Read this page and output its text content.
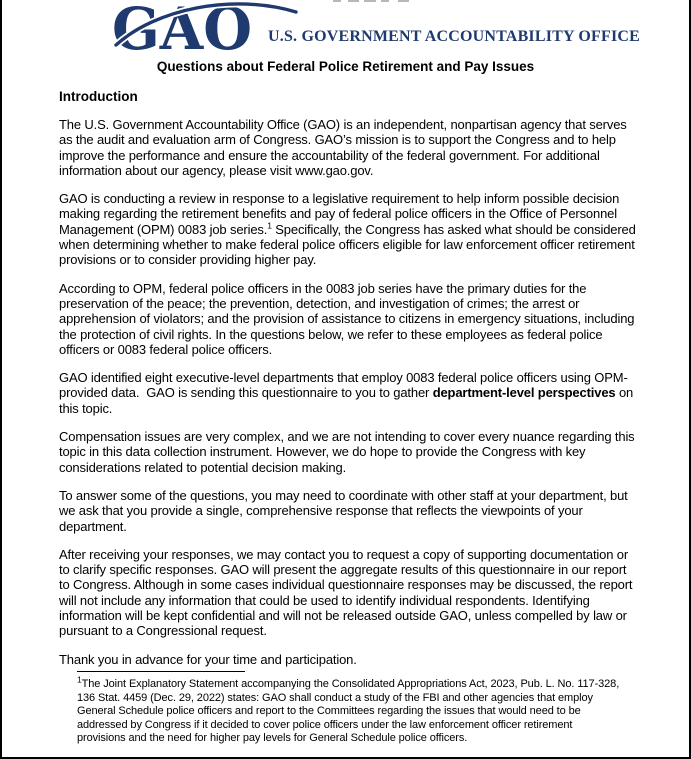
GAO U.S. GOVERNMENT ACCOUNTABILITY OFFICE
Questions about Federal Police Retirement and Pay Issues
Introduction

The U.S. Government Accountability Office (GAO) is an independent, nonpartisan agency that serves as the audit and evaluation arm of Congress. GAO’s mission is to support the Congress and to help improve the performance and ensure the accountability of the federal government. For additional information about our agency, please visit www.gao.gov.

GAO is conducting a review in response to a legislative requirement to help inform possible decision making regarding the retirement benefits and pay of federal police officers in the Office of Personnel Management (OPM) 0083 job series.$^1$ Specifically, the Congress has asked what should be considered when determining whether to make federal police officers eligible for law enforcement officer retirement provisions or to consider providing higher pay.

According to OPM, federal police officers in the 0083 job series have the primary duties for the preservation of the peace; the prevention, detection, and investigation of crimes; the arrest or apprehension of violators; and the provision of assistance to citizens in emergency situations, including the protection of civil rights. In the questions below, we refer to these employees as federal police officers or 0083 federal police officers.

GAO identified eight executive-level departments that employ 0083 federal police officers using OPM-provided data.  GAO is sending this questionnaire to you to gather department-level perspectives on this topic.

Compensation issues are very complex, and we are not intending to cover every nuance regarding this topic in this data collection instrument. However, we do hope to provide the Congress with key considerations related to potential decision making.

To answer some of the questions, you may need to coordinate with other staff at your department, but we ask that you provide a single, comprehensive response that reflects the viewpoints of your department.

After receiving your responses, we may contact you to request a copy of supporting documentation or to clarify specific responses. GAO will present the aggregate results of this questionnaire in our report to Congress. Although in some cases individual questionnaire responses may be discussed, the report will not include any information that could be used to identify individual respondents. Identifying information will be kept confidential and will not be released outside GAO, unless compelled by law or pursuant to a Congressional request.

Thank you in advance for your time and participation.

$^1$The Joint Explanatory Statement accompanying the Consolidated Appropriations Act, 2023, Pub. L. No. 117-328, 136 Stat. 4459 (Dec. 29, 2022) states: GAO shall conduct a study of the FBI and other agencies that employ General Schedule police officers and report to the Committees regarding the issues that would need to be addressed by Congress if it decided to cover police officers under the law enforcement officer retirement provisions and the need for higher pay levels for General Schedule police officers.
